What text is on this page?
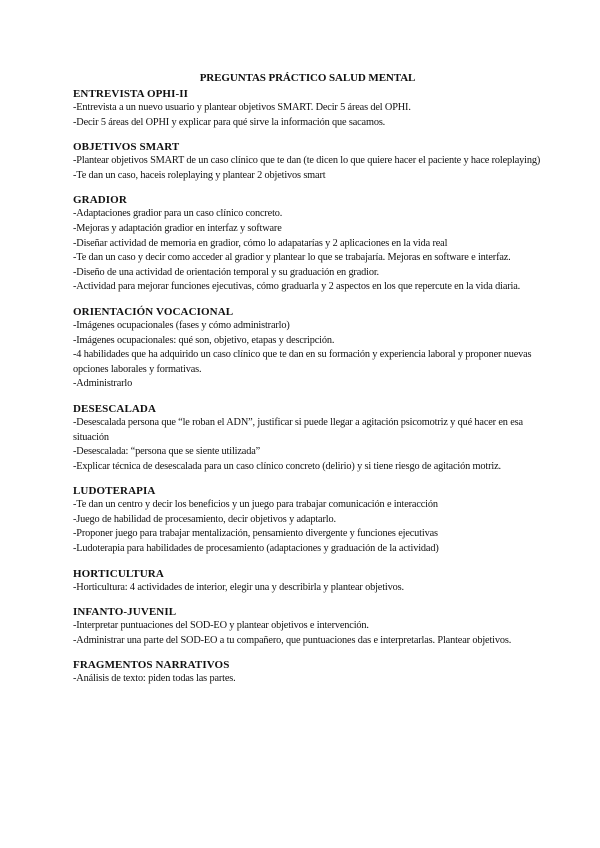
PREGUNTAS PRÁCTICO SALUD MENTAL

ENTREVISTA OPHI-II

-Entrevista a un nuevo usuario y plantear objetivos SMART. Decir 5 áreas del OPHI.

-Decir 5 áreas del OPHI y explicar para qué sirve la información que sacamos.

OBJETIVOS SMART

-Plantear objetivos SMART de un caso clínico que te dan (te dicen lo que quiere hacer el paciente y hace roleplaying)

-Te dan un caso, haceis roleplaying y plantear 2 objetivos smart

GRADIOR

-Adaptaciones gradior para un caso clínico concreto.

-Mejoras y adaptación gradior en interfaz y software

-Diseñar actividad de memoria en gradior, cómo lo adapatarías y 2 aplicaciones en la vida real

-Te dan un caso y decir como acceder al gradior y plantear lo que se trabajaría. Mejoras en software e interfaz.

-Diseño de una actividad de orientación temporal y su graduación en gradior.

-Actividad para mejorar funciones ejecutivas, cómo graduarla y 2 aspectos en los que repercute en la vida diaria.

ORIENTACIÓN VOCACIONAL

-Imágenes ocupacionales (fases y cómo administrarlo)

-Imágenes ocupacionales: qué son, objetivo, etapas y descripción.

-4 habilidades que ha adquirido un caso clínico que te dan en su formación y experiencia laboral y proponer nuevas opciones laborales y formativas.

-Administrarlo

DESESCALADA

-Desescalada persona que “le roban el ADN”, justificar si puede llegar a agitación psicomotriz y qué hacer en esa situación

-Desescalada: “persona que se siente utilizada”

-Explicar técnica de desescalada para un caso clínico concreto (delirio) y si tiene riesgo de agitación motriz.

LUDOTERAPIA

-Te dan un centro y decir los beneficios y un juego para trabajar comunicación e interacción

-Juego de habilidad de procesamiento, decir objetivos y adaptarlo.

-Proponer juego para trabajar mentalización, pensamiento divergente y funciones ejecutivas

-Ludoterapia para habilidades de procesamiento (adaptaciones y graduación de la actividad)

HORTICULTURA

-Horticultura: 4 actividades de interior, elegir una y describirla y plantear objetivos.

INFANTO-JUVENIL

-Interpretar puntuaciones del SOD-EO y plantear objetivos e intervención.

-Administrar una parte del SOD-EO a tu compañero, que puntuaciones das e interpretarlas. Plantear objetivos.

FRAGMENTOS NARRATIVOS

-Análisis de texto: piden todas las partes.
